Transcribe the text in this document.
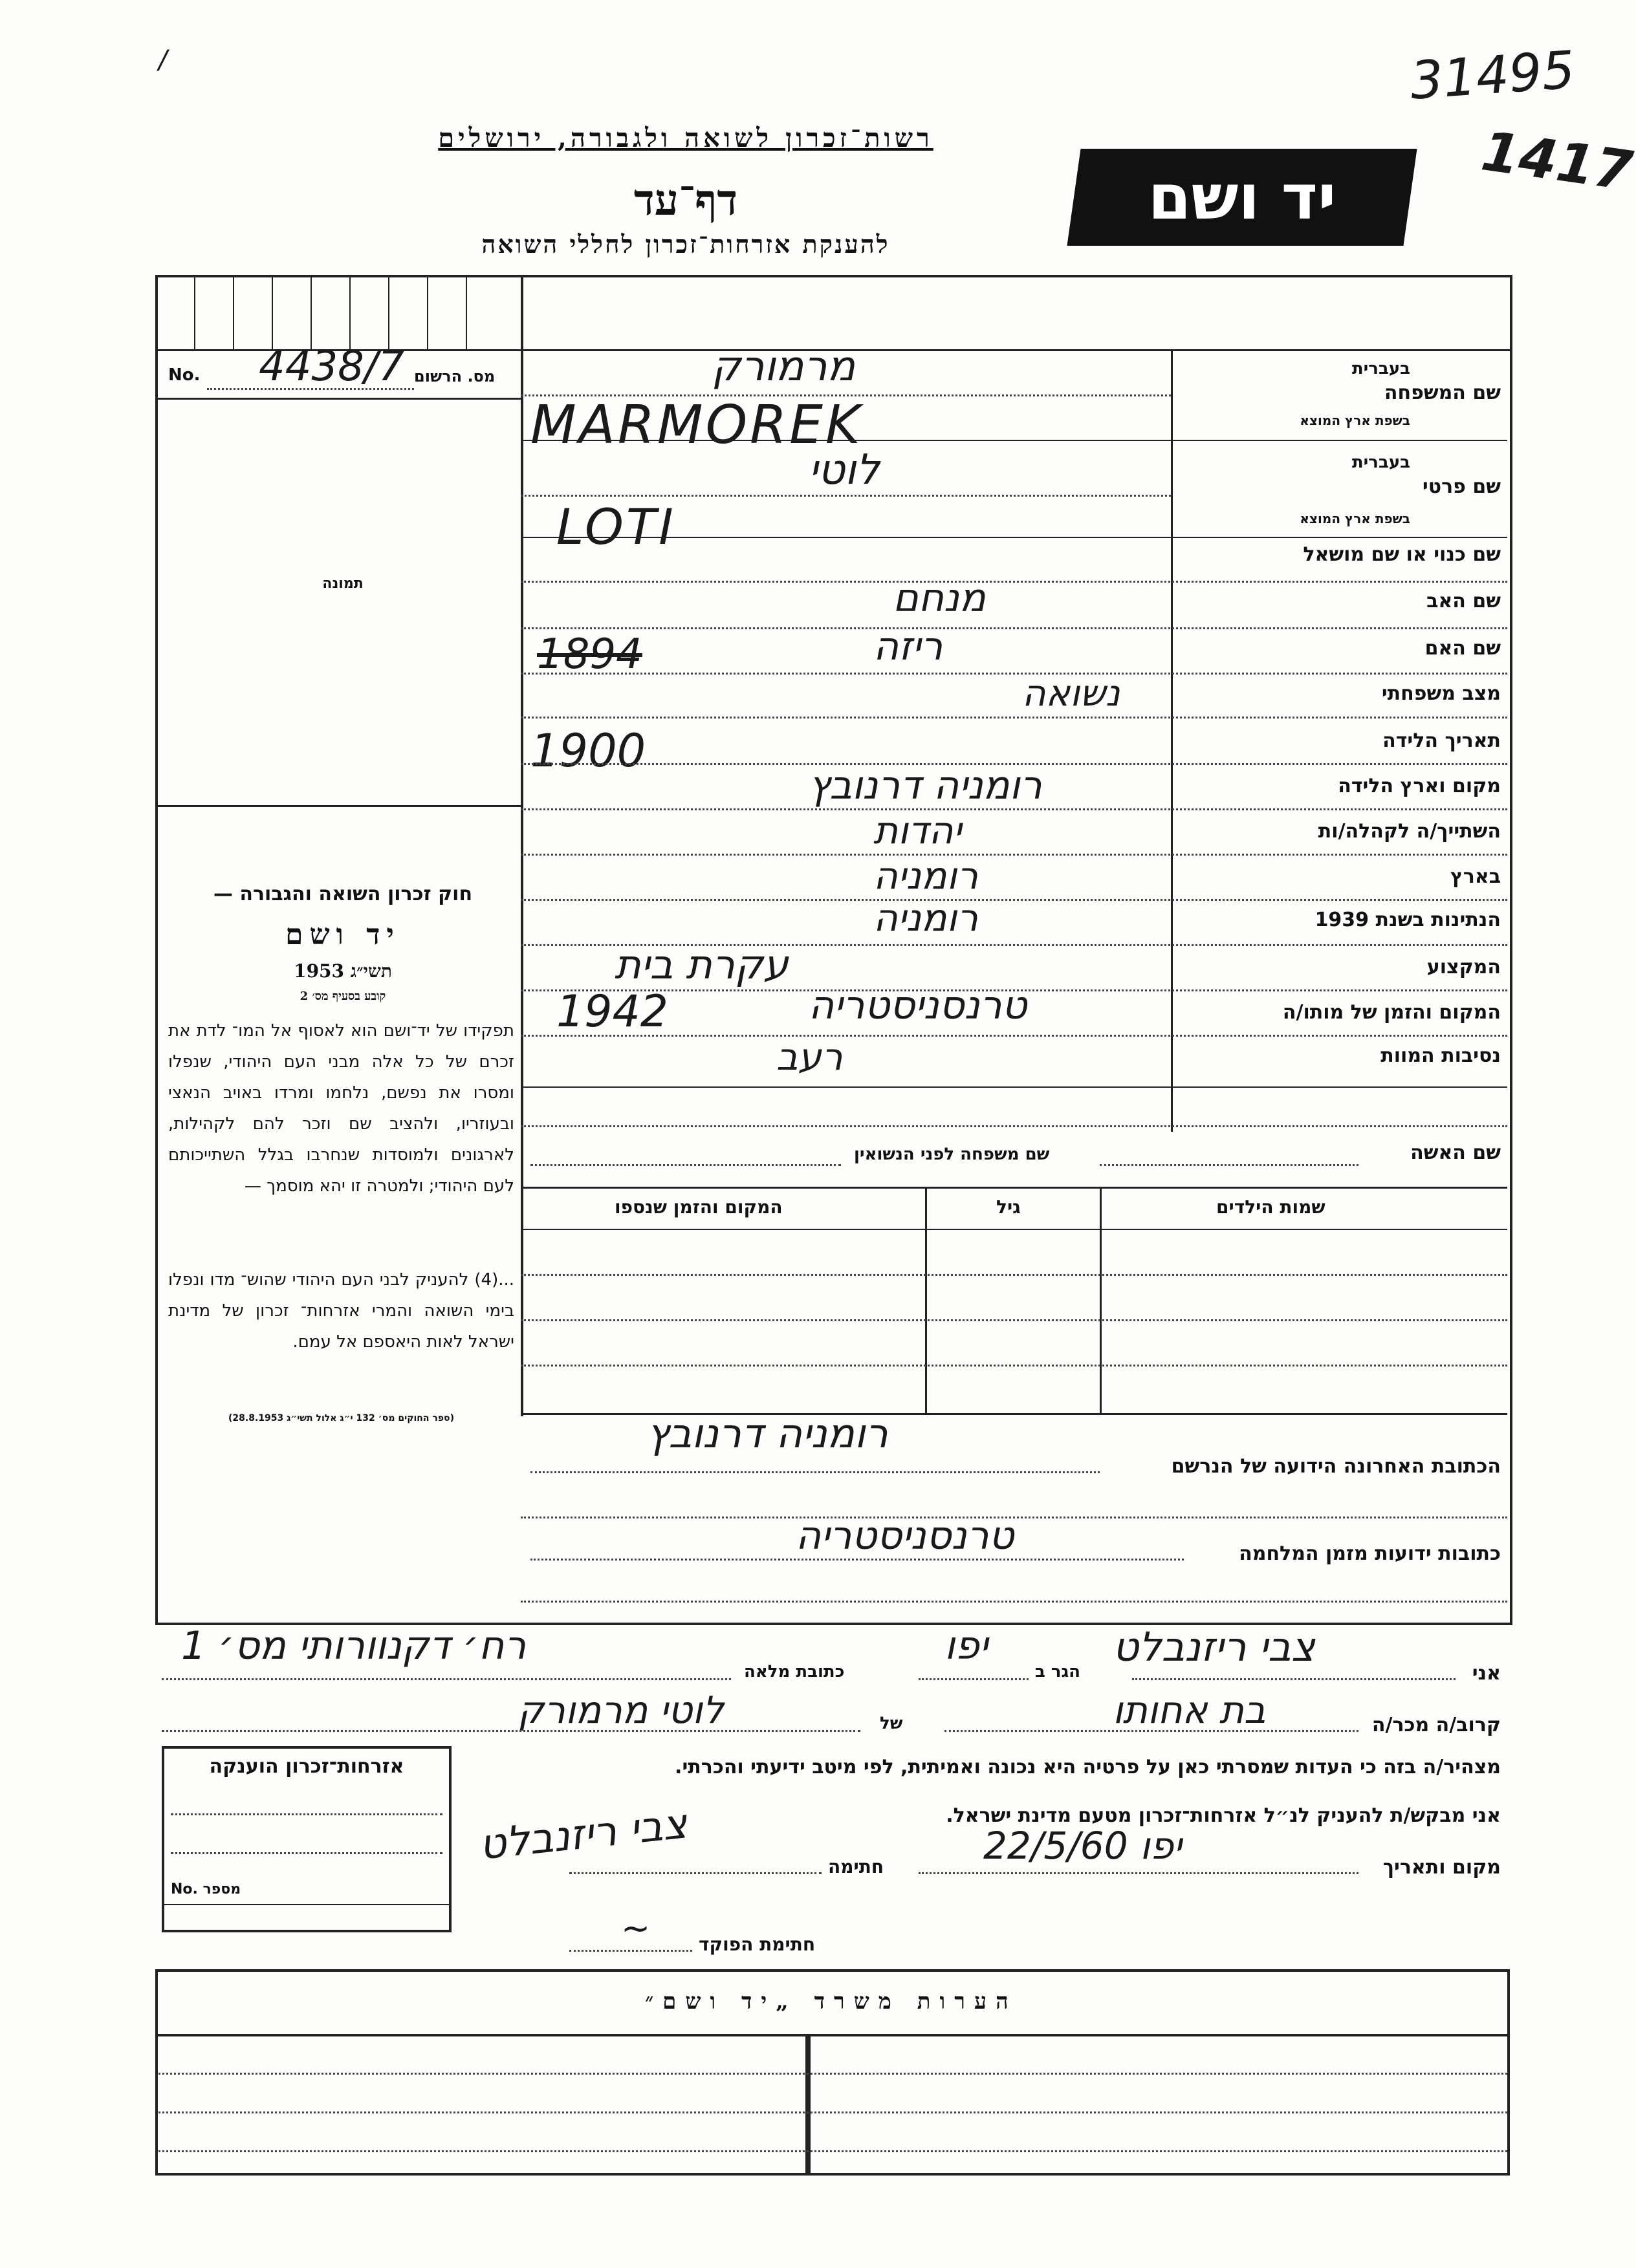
31495
1417
רשות־זכרון לשואה ולגבורה, ירושלים
דף־עד
להענקת אזרחות־זכרון לחללי השואה
יד ושם
No. 4438/7 מס. הרשום
תמונה
שם המשפחה
בעברית
בשפת ארץ המוצא
מרמורק
MARMOREK
שם פרטי
בעברית
בשפת ארץ המוצא
לוטי
LOTI	שם כנוי או שם מושאל
שם האב
מנחם
שם האם
ריזה
1894
מצב משפחתי
נשואה
תאריך הלידה
1900
מקום וארץ הלידה
רומניה דרנובץ
השתייך/ה לקהלה/ות
יהדות
בארץ
רומניה
הנתינות בשנת 1939
רומניה
המקצוע
עקרת בית
המקום והזמן של מותו/ה
טרנסניסטריה
1942
נסיבות המוות
רעב
שם האשה
שם משפחה לפני הנשואין
שמות הילדים
גיל
המקום והזמן שנספו
חוק זכרון השואה והגבורה —
יד ושם
תשי״ג 1953
קובע בסעיף מס׳ 2
תפקידו של יד־ושם הוא לאסוף אל המו־ לדת את זכרם של כל אלה מבני העם היהודי, שנפלו ומסרו את נפשם, נלחמו ומרדו באויב הנאצי ובעוזריו, ולהציב שם וזכר להם לקהילות, לארגונים ולמוסדות שנחרבו בגלל השתייכותם לעם היהודי; ולמטרה זו יהא מוסמך —
...(4) להעניק לבני העם היהודי שהוש־ מדו ונפלו בימי השואה והמרי אזרחות־ זכרון של מדינת ישראל לאות היאספם אל עמם.
(ספר החוקים מס׳ 132 י״ג אלול תשי״ג 28.8.1953)
הכתובת האחרונה הידועה של הנרשם
רומניה דרנובץ
כתובות ידועות מזמן המלחמה
טרנסניסטריה
אני
צבי ריזנבלט
הגר ב
יפו
כתובת מלאה
רח׳ דקנוורותי מס׳ 1
קרוב/ה מכר/ה
בת אחותו
של
לוטי מרמורק
מצהיר/ה בזה כי העדות שמסרתי כאן על פרטיה היא נכונה ואמיתית, לפי מיטב ידיעתי והכרתי.
אני מבקש/ת להעניק לנ״ל אזרחות־זכרון מטעם מדינת ישראל.
מקום ותאריך
יפו 22/5/60
חתימה
צבי ריזנבלט
חתימת הפוקד
~
אזרחות־זכרון הוענקה
No. מספר
הערות משרד „יד ושם״
/
